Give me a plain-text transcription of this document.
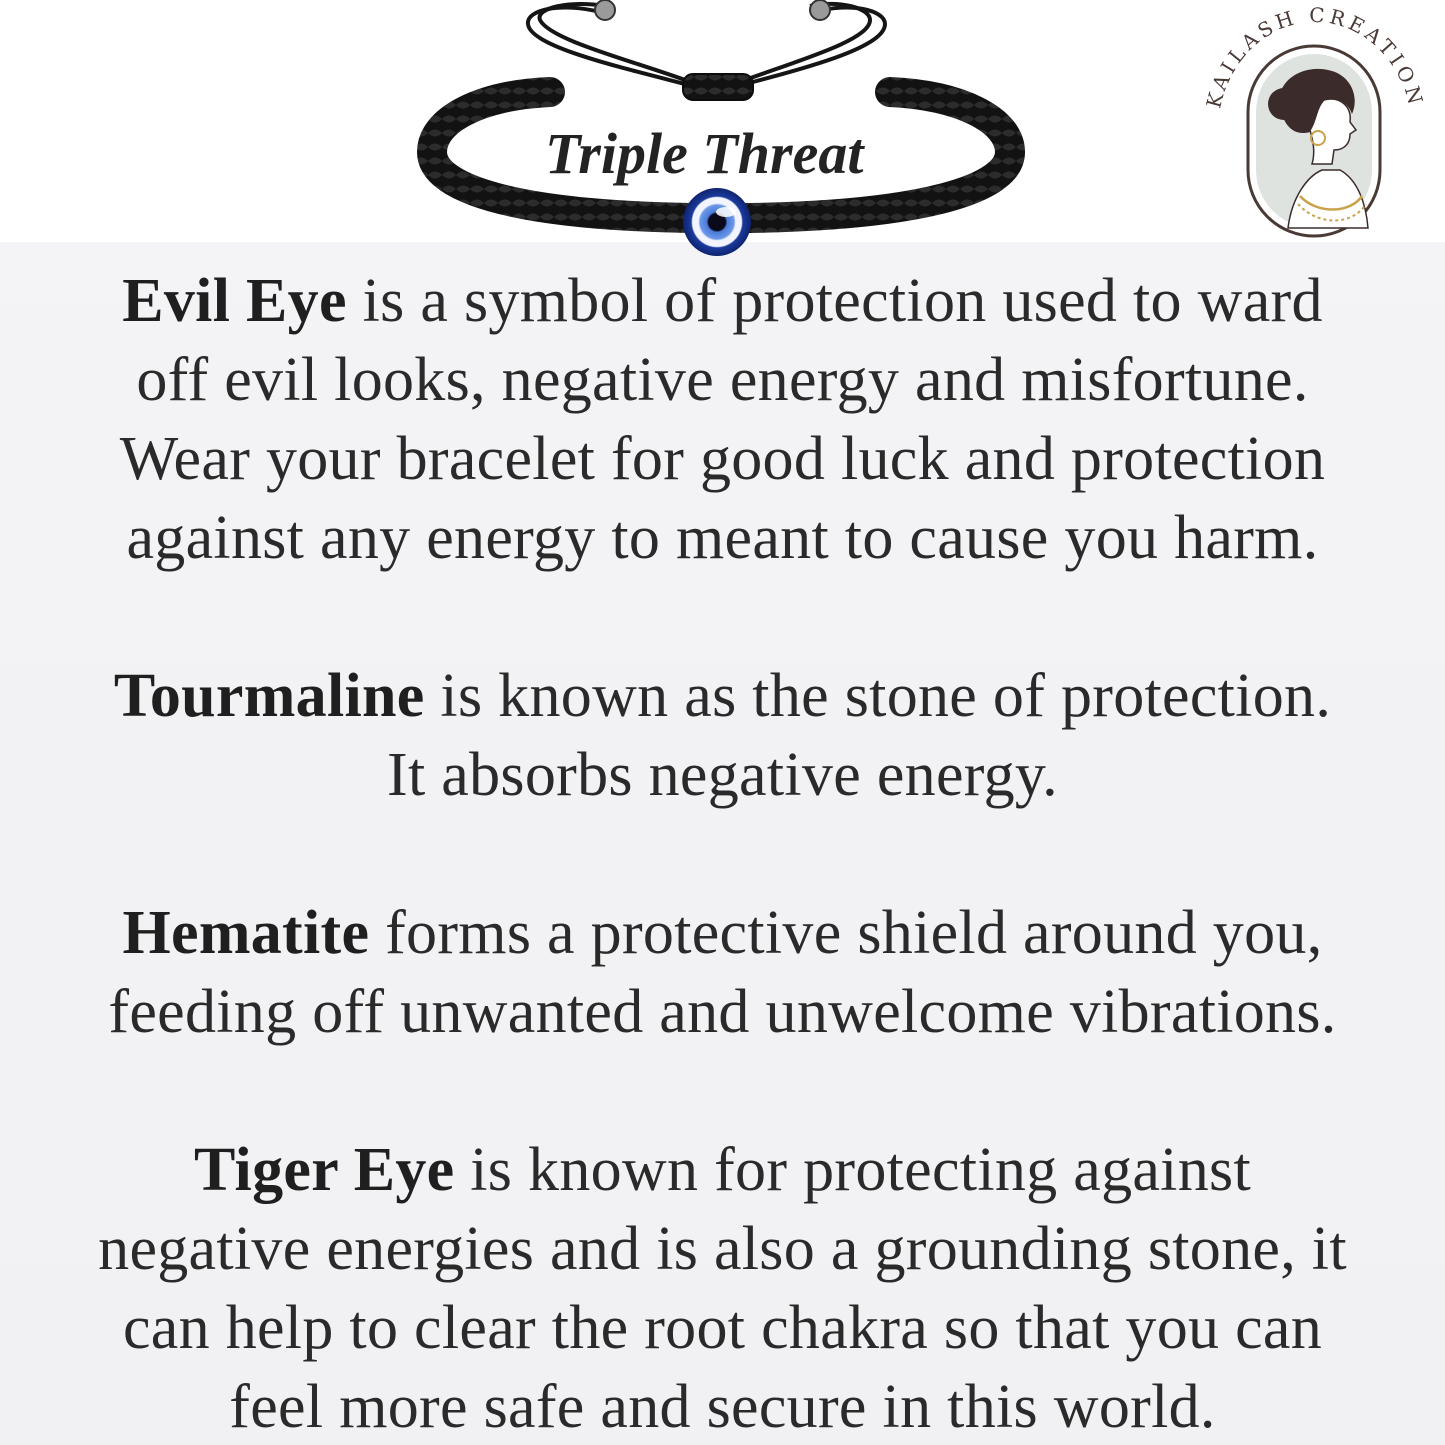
Triple Threat
KAILASH CREATION
Evil Eye is a symbol of protection used to ward
off evil looks, negative energy and misfortune.
Wear your bracelet for good luck and protection
against any energy to meant to cause you harm.
Tourmaline is known as the stone of protection.
It absorbs negative energy.
Hematite forms a protective shield around you,
feeding off unwanted and unwelcome vibrations.
Tiger Eye is known for protecting against
negative energies and is also a grounding stone, it
can help to clear the root chakra so that you can
feel more safe and secure in this world.
